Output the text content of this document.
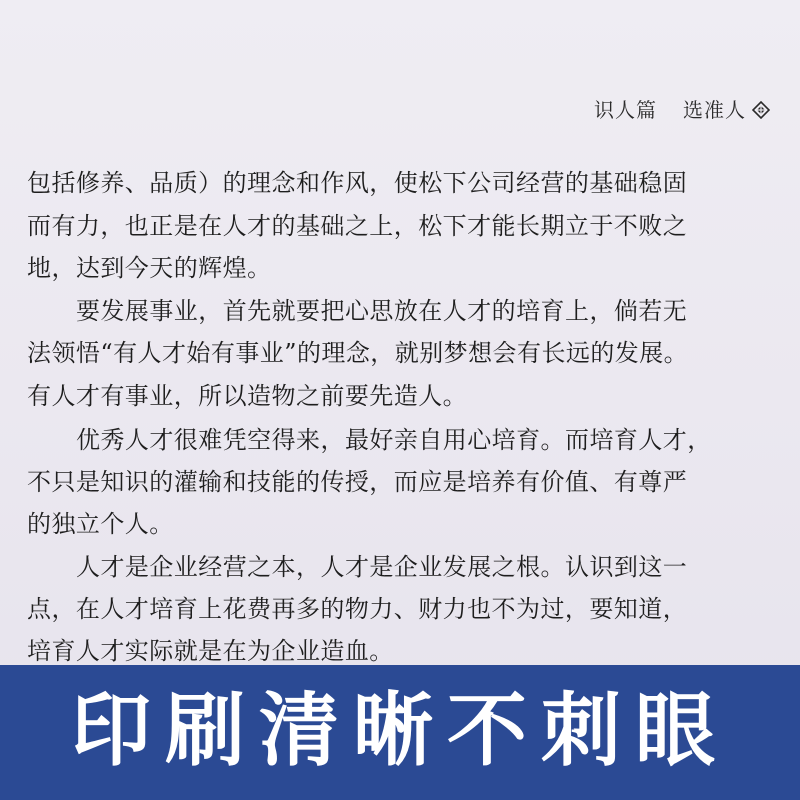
识人篇 选准人
包括修养、品质）的理念和作风，使松下公司经营的基础稳固
而有力，也正是在人才的基础之上，松下才能长期立于不败之
地，达到今天的辉煌。
要发展事业，首先就要把心思放在人才的培育上，倘若无
法领悟“有人才始有事业”的理念，就别梦想会有长远的发展。
有人才有事业，所以造物之前要先造人。
优秀人才很难凭空得来，最好亲自用心培育。而培育人才，
不只是知识的灌输和技能的传授，而应是培养有价值、有尊严
的独立个人。
人才是企业经营之本，人才是企业发展之根。认识到这一
点，在人才培育上花费再多的物力、财力也不为过，要知道，
培育人才实际就是在为企业造血。
印刷清晰不刺眼
